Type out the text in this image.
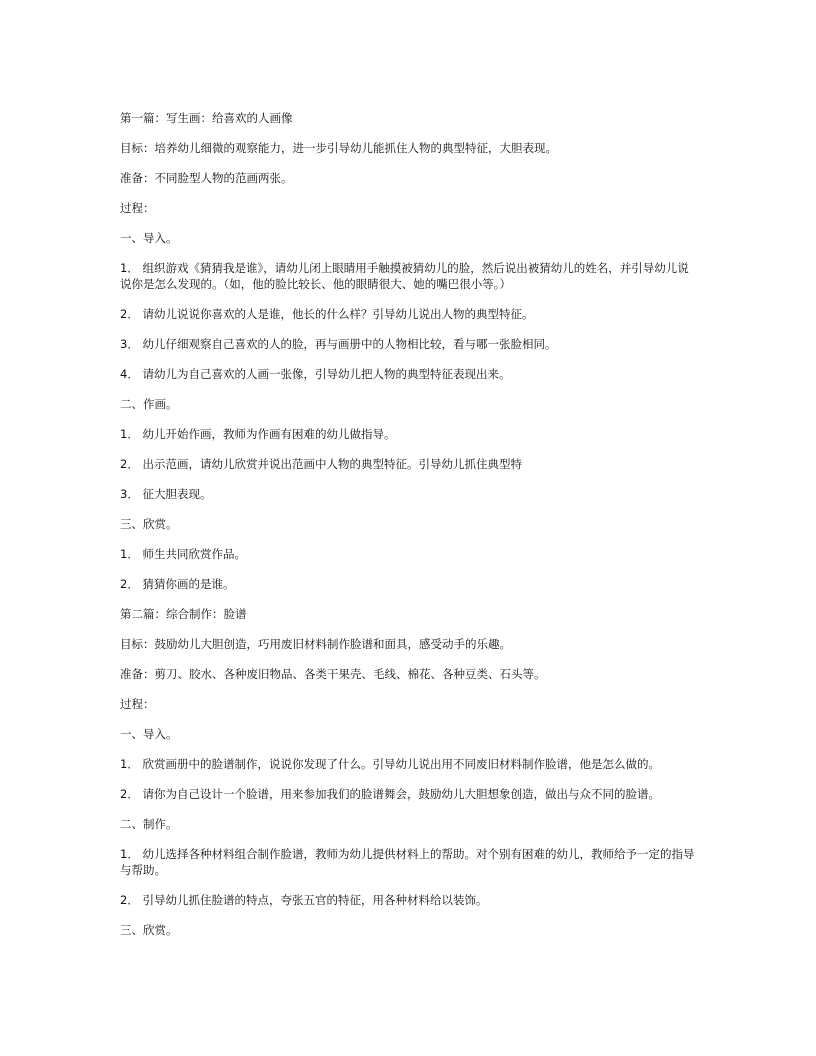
第一篇：写生画：给喜欢的人画像

目标：培养幼儿细微的观察能力，进一步引导幼儿能抓住人物的典型特征，大胆表现。

准备：不同脸型人物的范画两张。

过程：

一、导入。

1． 组织游戏《猜猜我是谁》，请幼儿闭上眼睛用手触摸被猜幼儿的脸，然后说出被猜幼儿的姓名，并引导幼儿说说你是怎么发现的。（如，他的脸比较长、他的眼睛很大、她的嘴巴很小等。）

2． 请幼儿说说你喜欢的人是谁，他长的什么样？引导幼儿说出人物的典型特征。

3． 幼儿仔细观察自己喜欢的人的脸，再与画册中的人物相比较，看与哪一张脸相同。

4． 请幼儿为自己喜欢的人画一张像，引导幼儿把人物的典型特征表现出来。

二、作画。

1． 幼儿开始作画，教师为作画有困难的幼儿做指导。

2． 出示范画，请幼儿欣赏并说出范画中人物的典型特征。引导幼儿抓住典型特

3． 征大胆表现。

三、欣赏。

1． 师生共同欣赏作品。

2． 猜猜你画的是谁。

第二篇：综合制作：脸谱

目标：鼓励幼儿大胆创造，巧用废旧材料制作脸谱和面具，感受动手的乐趣。

准备：剪刀、胶水、各种废旧物品、各类干果壳、毛线、棉花、各种豆类、石头等。

过程：

一、导入。

1． 欣赏画册中的脸谱制作，说说你发现了什么。引导幼儿说出用不同废旧材料制作脸谱，他是怎么做的。

2． 请你为自己设计一个脸谱，用来参加我们的脸谱舞会，鼓励幼儿大胆想象创造，做出与众不同的脸谱。

二、制作。

1． 幼儿选择各种材料组合制作脸谱，教师为幼儿提供材料上的帮助。对个别有困难的幼儿，教师给予一定的指导与帮助。

2． 引导幼儿抓住脸谱的特点，夸张五官的特征，用各种材料给以装饰。

三、欣赏。
